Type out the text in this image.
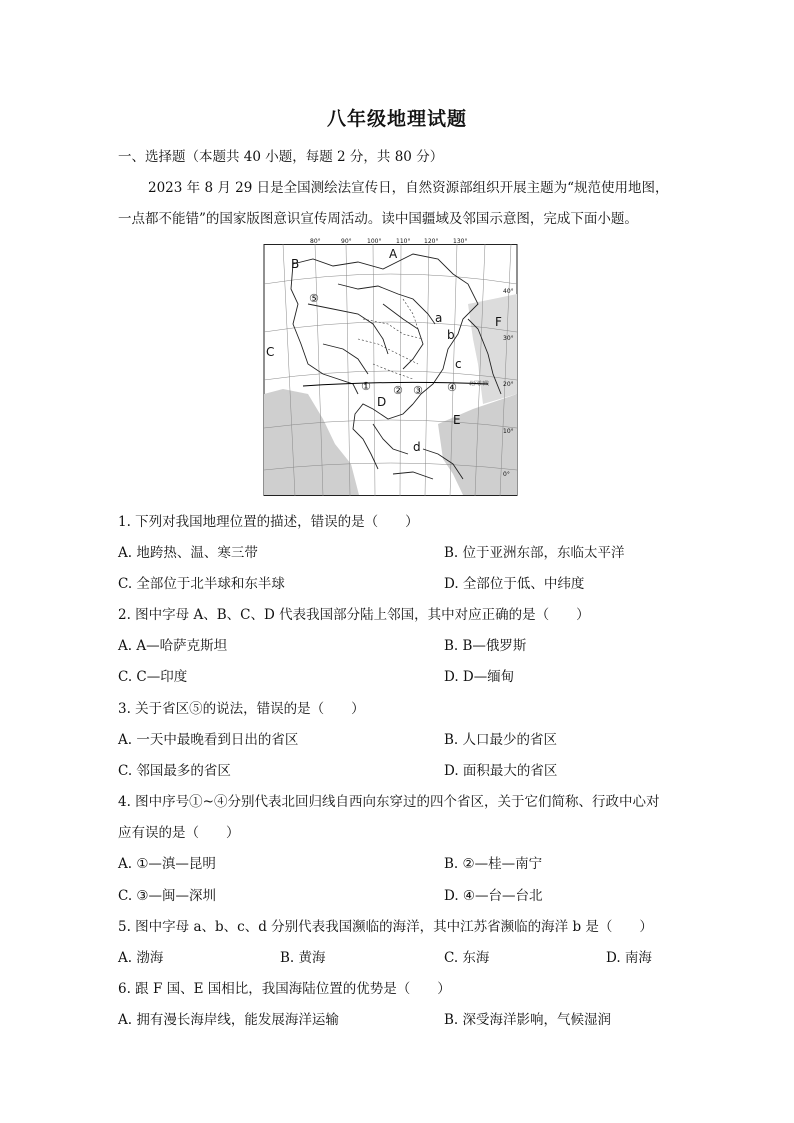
八年级地理试题
一、选择题（本题共 40 小题，每题 2 分，共 80 分）
2023 年 8 月 29 日是全国测绘法宣传日，自然资源部组织开展主题为“规范使用地图，
一点都不能错”的国家版图意识宣传周活动。读中国疆域及邻国示意图，完成下面小题。
80°	90°	100° 110° 120° 130°
40°
30°
20°
10°
0°
A
B
C
D
E
F
a
b
c
d
① ② ③ ④
⑤
北回归线
1. 下列对我国地理位置的描述，错误的是（　　）
A. 地跨热、温、寒三带	B. 位于亚洲东部，东临太平洋
C. 全部位于北半球和东半球	D. 全部位于低、中纬度
2. 图中字母 A、B、C、D 代表我国部分陆上邻国，其中对应正确的是（　　）
A. A—哈萨克斯坦	B. B—俄罗斯
C. C—印度	D. D—缅甸
3. 关于省区⑤的说法，错误的是（　　）
A. 一天中最晚看到日出的省区	B. 人口最少的省区
C. 邻国最多的省区	D. 面积最大的省区
4. 图中序号①~④分别代表北回归线自西向东穿过的四个省区，关于它们简称、行政中心对
应有误的是（　　）
A. ①—滇—昆明	B. ②—桂—南宁
C. ③—闽—深圳	D. ④—台—台北
5. 图中字母 a、b、c、d 分别代表我国濒临的海洋，其中江苏省濒临的海洋 b 是（　　）
A. 渤海	B. 黄海	C. 东海	D. 南海
6. 跟 F 国、E 国相比，我国海陆位置的优势是（　　）
A. 拥有漫长海岸线，能发展海洋运输	B. 深受海洋影响，气候湿润
